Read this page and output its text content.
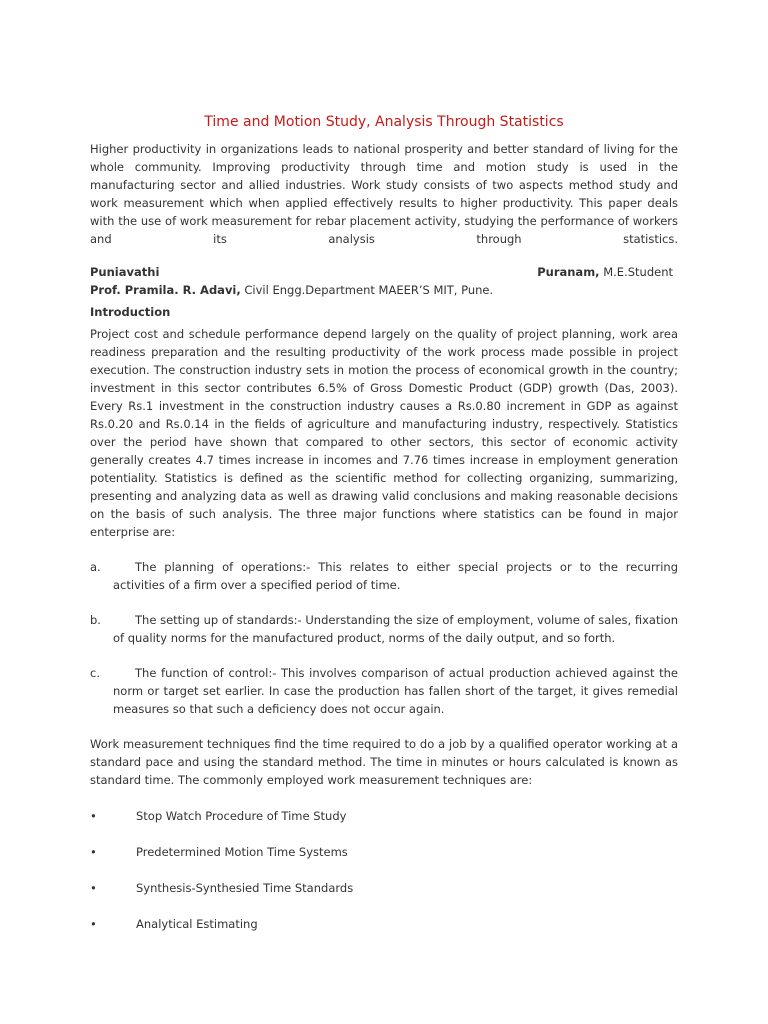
Time and Motion Study, Analysis Through Statistics

Higher productivity in organizations leads to national prosperity and better standard of living for the whole community. Improving productivity through time and motion study is used in the manufacturing sector and allied industries. Work study consists of two aspects method study and work measurement which when applied effectively results to higher productivity. This paper deals with the use of work measurement for rebar placement activity, studying the performance of workers and its analysis through statistics.

Puniavathi	Puranam, M.E.Student

Prof. Pramila. R. Adavi, Civil Engg.Department MAEER’S MIT, Pune.

Introduction

Project cost and schedule performance depend largely on the quality of project planning, work area readiness preparation and the resulting productivity of the work process made possible in project execution. The construction industry sets in motion the process of economical growth in the country; investment in this sector contributes 6.5% of Gross Domestic Product (GDP) growth (Das, 2003). Every Rs.1 investment in the construction industry causes a Rs.0.80 increment in GDP as against Rs.0.20 and Rs.0.14 in the fields of agriculture and manufacturing industry, respectively. Statistics over the period have shown that compared to other sectors, this sector of economic activity generally creates 4.7 times increase in incomes and 7.76 times increase in employment generation potentiality. Statistics is defined as the scientific method for collecting organizing, summarizing, presenting and analyzing data as well as drawing valid conclusions and making reasonable decisions on the basis of such analysis. The three major functions where statistics can be found in major enterprise are:

a.	The planning of operations:- This relates to either special projects or to the recurring activities of a firm over a specified period of time.
b.	The setting up of standards:- Understanding the size of employment, volume of sales, fixation of quality norms for the manufactured product, norms of the daily output, and so forth.
c.	The function of control:- This involves comparison of actual production achieved against the norm or target set earlier. In case the production has fallen short of the target, it gives remedial measures so that such a deficiency does not occur again.

Work measurement techniques find the time required to do a job by a qualified operator working at a standard pace and using the standard method. The time in minutes or hours calculated is known as standard time. The commonly employed work measurement techniques are:

•	Stop Watch Procedure of Time Study
•	Predetermined Motion Time Systems
•	Synthesis-Synthesied Time Standards
•	Analytical Estimating
